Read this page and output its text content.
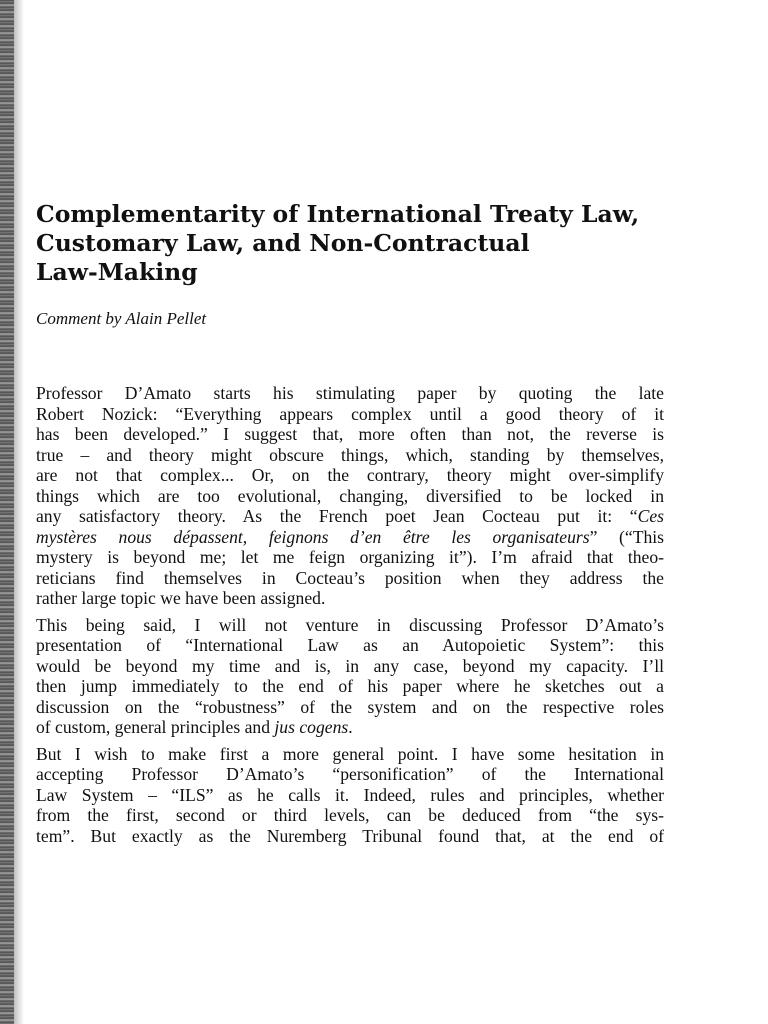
Complementarity of International Treaty Law,
Customary Law, and Non-Contractual
Law-Making

Comment by Alain Pellet

Professor D’Amato starts his stimulating paper by quoting the late
Robert Nozick: “Everything appears complex until a good theory of it
has been developed.” I suggest that, more often than not, the reverse is
true – and theory might obscure things, which, standing by themselves,
are not that complex... Or, on the contrary, theory might over-simplify
things which are too evolutional, changing, diversified to be locked in
any satisfactory theory. As the French poet Jean Cocteau put it: “Ces
mystères nous dépassent, feignons d’en être les organisateurs” (“This
mystery is beyond me; let me feign organizing it”). I’m afraid that theo-
reticians find themselves in Cocteau’s position when they address the
rather large topic we have been assigned.

This being said, I will not venture in discussing Professor D’Amato’s
presentation of “International Law as an Autopoietic System”: this
would be beyond my time and is, in any case, beyond my capacity. I’ll
then jump immediately to the end of his paper where he sketches out a
discussion on the “robustness” of the system and on the respective roles
of custom, general principles and jus cogens.

But I wish to make first a more general point. I have some hesitation in
accepting Professor D’Amato’s “personification” of the International
Law System – “ILS” as he calls it. Indeed, rules and principles, whether
from the first, second or third levels, can be deduced from “the sys-
tem”. But exactly as the Nuremberg Tribunal found that, at the end of
